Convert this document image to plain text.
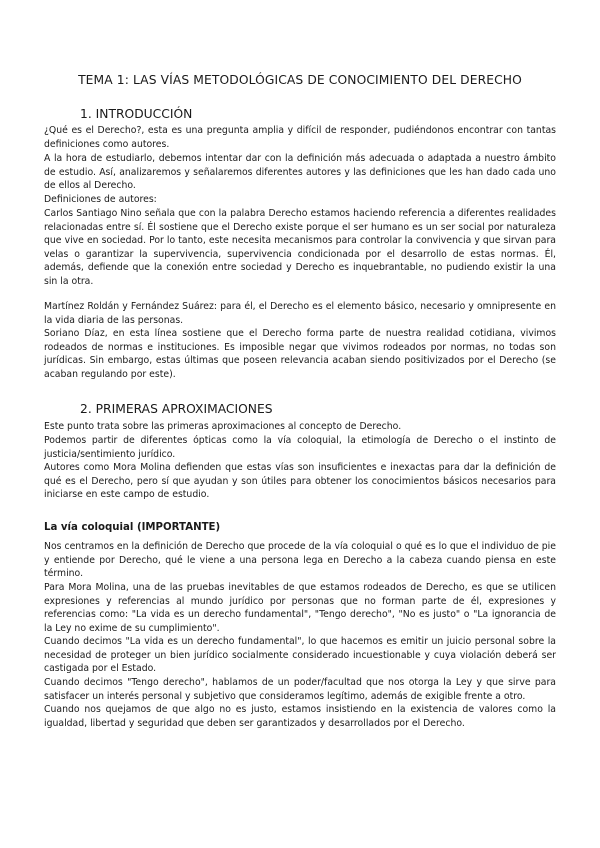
TEMA 1: LAS VÍAS METODOLÓGICAS DE CONOCIMIENTO DEL DERECHO
1. INTRODUCCIÓN
¿Qué es el Derecho?, esta es una pregunta amplia y difícil de responder, pudiéndonos encontrar con tantas definiciones como autores.
A la hora de estudiarlo, debemos intentar dar con la definición más adecuada o adaptada a nuestro ámbito de estudio. Así, analizaremos y señalaremos diferentes autores y las definiciones que les han dado cada uno de ellos al Derecho.
Definiciones de autores:
Carlos Santiago Nino señala que con la palabra Derecho estamos haciendo referencia a diferentes realidades relacionadas entre sí. Él sostiene que el Derecho existe porque el ser humano es un ser social por naturaleza que vive en sociedad. Por lo tanto, este necesita mecanismos para controlar la convivencia y que sirvan para velas o garantizar la supervivencia, supervivencia condicionada por el desarrollo de estas normas. Él, además, defiende que la conexión entre sociedad y Derecho es inquebrantable, no pudiendo existir la una sin la otra.
Martínez Roldán y Fernández Suárez: para él, el Derecho es el elemento básico, necesario y omnipresente en la vida diaria de las personas.
Soriano Díaz, en esta línea sostiene que el Derecho forma parte de nuestra realidad cotidiana, vivimos rodeados de normas e instituciones. Es imposible negar que vivimos rodeados por normas, no todas son jurídicas. Sin embargo, estas últimas que poseen relevancia acaban siendo positivizados por el Derecho (se acaban regulando por este).
2. PRIMERAS APROXIMACIONES
Este punto trata sobre las primeras aproximaciones al concepto de Derecho.
Podemos partir de diferentes ópticas como la vía coloquial, la etimología de Derecho o el instinto de justicia/sentimiento jurídico.
Autores como Mora Molina defienden que estas vías son insuficientes e inexactas para dar la definición de qué es el Derecho, pero sí que ayudan y son útiles para obtener los conocimientos básicos necesarios para iniciarse en este campo de estudio.
La vía coloquial (IMPORTANTE)
Nos centramos en la definición de Derecho que procede de la vía coloquial o qué es lo que el individuo de pie y entiende por Derecho, qué le viene a una persona lega en Derecho a la cabeza cuando piensa en este término.
Para Mora Molina, una de las pruebas inevitables de que estamos rodeados de Derecho, es que se utilicen expresiones y referencias al mundo jurídico por personas que no forman parte de él, expresiones y referencias como: "La vida es un derecho fundamental", "Tengo derecho", "No es justo" o "La ignorancia de la Ley no exime de su cumplimiento".
Cuando decimos "La vida es un derecho fundamental", lo que hacemos es emitir un juicio personal sobre la necesidad de proteger un bien jurídico socialmente considerado incuestionable y cuya violación deberá ser castigada por el Estado.
Cuando decimos "Tengo derecho", hablamos de un poder/facultad que nos otorga la Ley y que sirve para satisfacer un interés personal y subjetivo que consideramos legítimo, además de exigible frente a otro.
Cuando nos quejamos de que algo no es justo, estamos insistiendo en la existencia de valores como la igualdad, libertad y seguridad que deben ser garantizados y desarrollados por el Derecho.
